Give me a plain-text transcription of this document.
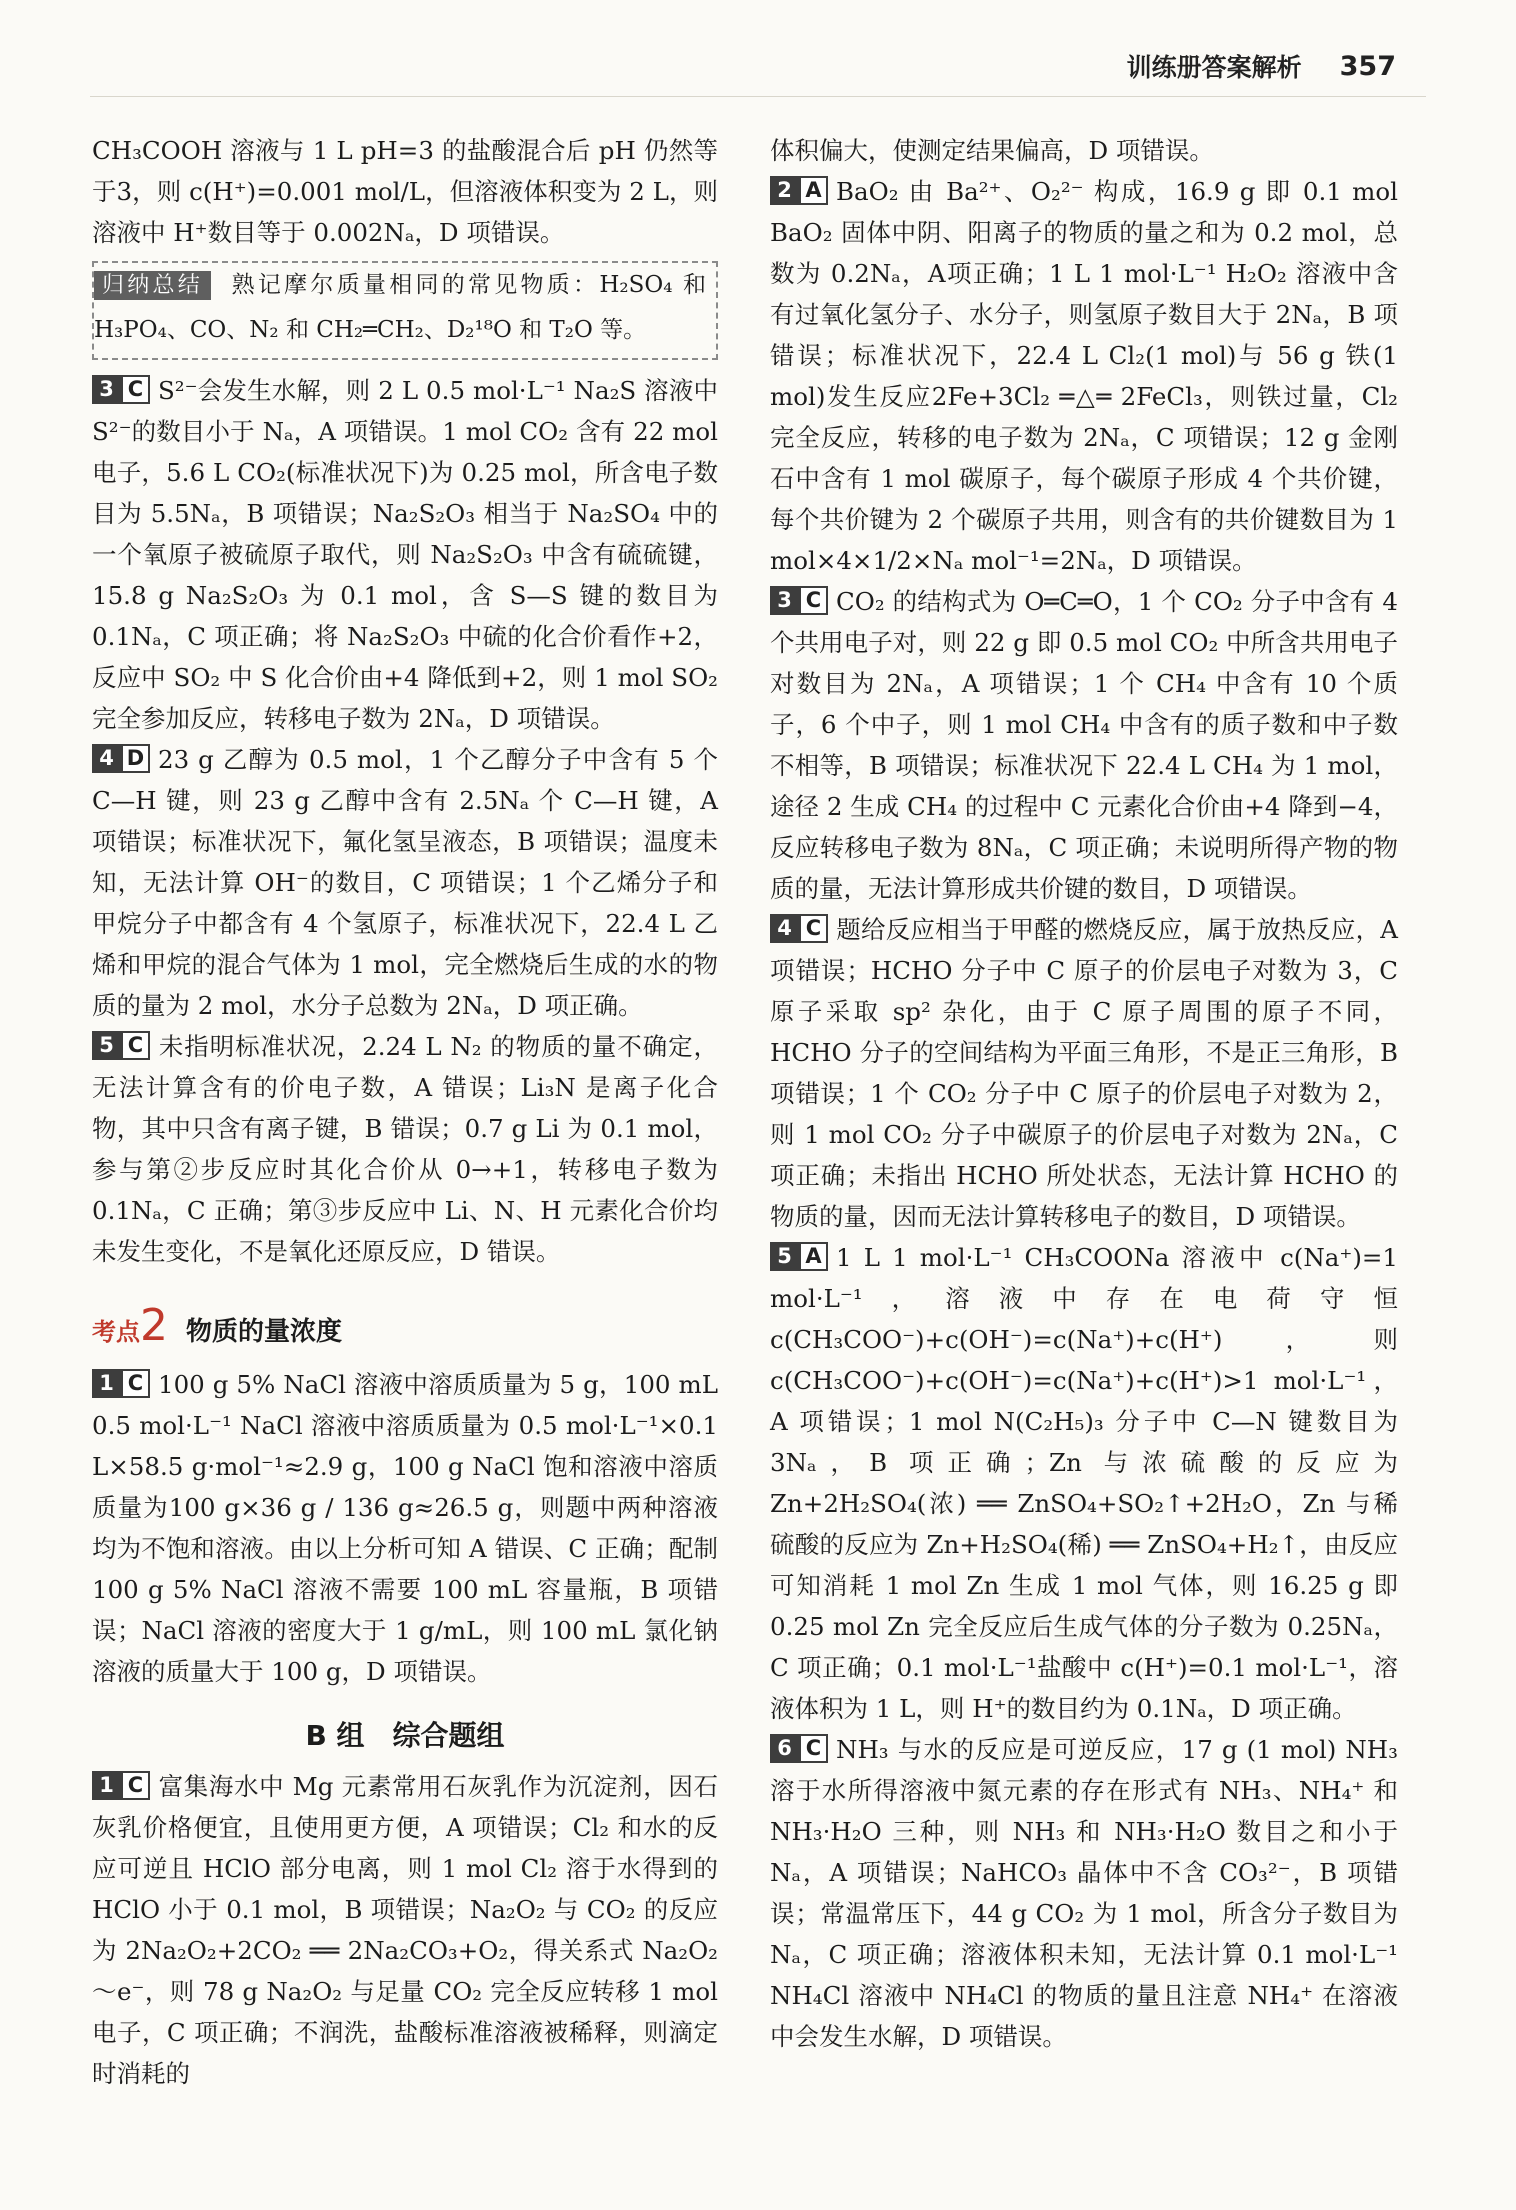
训练册答案解析 357

CH₃COOH 溶液与 1 L pH=3 的盐酸混合后 pH 仍然等于3，则 c(H⁺)=0.001 mol/L，但溶液体积变为 2 L，则溶液中 H⁺数目等于 0.002Nₐ，D 项错误。

归纳总结 熟记摩尔质量相同的常见物质：H₂SO₄ 和 H₃PO₄、CO、N₂ 和 CH₂═CH₂、D₂¹⁸O 和 T₂O 等。

3 C S²⁻会发生水解，则 2 L 0.5 mol·L⁻¹ Na₂S 溶液中 S²⁻的数目小于 Nₐ，A 项错误。1 mol CO₂ 含有 22 mol 电子，5.6 L CO₂(标准状况下)为 0.25 mol，所含电子数目为 5.5Nₐ，B 项错误；Na₂S₂O₃ 相当于 Na₂SO₄ 中的一个氧原子被硫原子取代，则 Na₂S₂O₃ 中含有硫硫键，15.8 g Na₂S₂O₃ 为 0.1 mol，含 S—S 键的数目为 0.1Nₐ，C 项正确；将 Na₂S₂O₃ 中硫的化合价看作+2，反应中 SO₂ 中 S 化合价由+4 降低到+2，则 1 mol SO₂ 完全参加反应，转移电子数为 2Nₐ，D 项错误。

4 D 23 g 乙醇为 0.5 mol，1 个乙醇分子中含有 5 个 C—H 键，则 23 g 乙醇中含有 2.5Nₐ 个 C—H 键，A 项错误；标准状况下，氟化氢呈液态，B 项错误；温度未知，无法计算 OH⁻的数目，C 项错误；1 个乙烯分子和甲烷分子中都含有 4 个氢原子，标准状况下，22.4 L 乙烯和甲烷的混合气体为 1 mol，完全燃烧后生成的水的物质的量为 2 mol，水分子总数为 2Nₐ，D 项正确。

5 C 未指明标准状况，2.24 L N₂ 的物质的量不确定，无法计算含有的价电子数，A 错误；Li₃N 是离子化合物，其中只含有离子键，B 错误；0.7 g Li 为 0.1 mol，参与第②步反应时其化合价从 0→+1，转移电子数为 0.1Nₐ，C 正确；第③步反应中 Li、N、H 元素化合价均未发生变化，不是氧化还原反应，D 错误。

考点2 物质的量浓度

1 C 100 g 5% NaCl 溶液中溶质质量为 5 g，100 mL 0.5 mol·L⁻¹ NaCl 溶液中溶质质量为 0.5 mol·L⁻¹×0.1 L×58.5 g·mol⁻¹≈2.9 g，100 g NaCl 饱和溶液中溶质质量为100 g×36 g / 136 g≈26.5 g，则题中两种溶液均为不饱和溶液。由以上分析可知 A 错误、C 正确；配制 100 g 5% NaCl 溶液不需要 100 mL 容量瓶，B 项错误；NaCl 溶液的密度大于 1 g/mL，则 100 mL 氯化钠溶液的质量大于 100 g，D 项错误。

B 组　综合题组

1 C 富集海水中 Mg 元素常用石灰乳作为沉淀剂，因石灰乳价格便宜，且使用更方便，A 项错误；Cl₂ 和水的反应可逆且 HClO 部分电离，则 1 mol Cl₂ 溶于水得到的 HClO 小于 0.1 mol，B 项错误；Na₂O₂ 与 CO₂ 的反应为 2Na₂O₂+2CO₂ ══ 2Na₂CO₃+O₂，得关系式 Na₂O₂～e⁻，则 78 g Na₂O₂ 与足量 CO₂ 完全反应转移 1 mol 电子，C 项正确；不润洗，盐酸标准溶液被稀释，则滴定时消耗的

体积偏大，使测定结果偏高，D 项错误。

2 A BaO₂ 由 Ba²⁺、O₂²⁻ 构成，16.9 g 即 0.1 mol BaO₂ 固体中阴、阳离子的物质的量之和为 0.2 mol，总数为 0.2Nₐ，A项正确；1 L 1 mol·L⁻¹ H₂O₂ 溶液中含有过氧化氢分子、水分子，则氢原子数目大于 2Nₐ，B 项错误；标准状况下，22.4 L Cl₂(1 mol)与 56 g 铁(1 mol)发生反应2Fe+3Cl₂ ═△═ 2FeCl₃，则铁过量，Cl₂ 完全反应，转移的电子数为 2Nₐ，C 项错误；12 g 金刚石中含有 1 mol 碳原子，每个碳原子形成 4 个共价键，每个共价键为 2 个碳原子共用，则含有的共价键数目为 1 mol×4×1/2×Nₐ mol⁻¹=2Nₐ，D 项错误。

3 C CO₂ 的结构式为 O═C═O，1 个 CO₂ 分子中含有 4 个共用电子对，则 22 g 即 0.5 mol CO₂ 中所含共用电子对数目为 2Nₐ，A 项错误；1 个 CH₄ 中含有 10 个质子，6 个中子，则 1 mol CH₄ 中含有的质子数和中子数不相等，B 项错误；标准状况下 22.4 L CH₄ 为 1 mol，途径 2 生成 CH₄ 的过程中 C 元素化合价由+4 降到−4，反应转移电子数为 8Nₐ，C 项正确；未说明所得产物的物质的量，无法计算形成共价键的数目，D 项错误。

4 C 题给反应相当于甲醛的燃烧反应，属于放热反应，A 项错误；HCHO 分子中 C 原子的价层电子对数为 3，C 原子采取 sp² 杂化，由于 C 原子周围的原子不同，HCHO 分子的空间结构为平面三角形，不是正三角形，B 项错误；1 个 CO₂ 分子中 C 原子的价层电子对数为 2，则 1 mol CO₂ 分子中碳原子的价层电子对数为 2Nₐ，C 项正确；未指出 HCHO 所处状态，无法计算 HCHO 的物质的量，因而无法计算转移电子的数目，D 项错误。

5 A 1 L 1 mol·L⁻¹ CH₃COONa 溶液中 c(Na⁺)=1 mol·L⁻¹，溶液中存在电荷守恒 c(CH₃COO⁻)+c(OH⁻)=c(Na⁺)+c(H⁺)，则 c(CH₃COO⁻)+c(OH⁻)=c(Na⁺)+c(H⁺)>1 mol·L⁻¹，A 项错误；1 mol N(C₂H₅)₃ 分子中 C—N 键数目为 3Nₐ，B 项正确；Zn 与浓硫酸的反应为 Zn+2H₂SO₄(浓) ══ ZnSO₄+SO₂↑+2H₂O，Zn 与稀硫酸的反应为 Zn+H₂SO₄(稀) ══ ZnSO₄+H₂↑，由反应可知消耗 1 mol Zn 生成 1 mol 气体，则 16.25 g 即 0.25 mol Zn 完全反应后生成气体的分子数为 0.25Nₐ，C 项正确；0.1 mol·L⁻¹盐酸中 c(H⁺)=0.1 mol·L⁻¹，溶液体积为 1 L，则 H⁺的数目约为 0.1Nₐ，D 项正确。

6 C NH₃ 与水的反应是可逆反应，17 g (1 mol) NH₃ 溶于水所得溶液中氮元素的存在形式有 NH₃、NH₄⁺ 和 NH₃·H₂O 三种，则 NH₃ 和 NH₃·H₂O 数目之和小于 Nₐ，A 项错误；NaHCO₃ 晶体中不含 CO₃²⁻，B 项错误；常温常压下，44 g CO₂ 为 1 mol，所含分子数目为 Nₐ，C 项正确；溶液体积未知，无法计算 0.1 mol·L⁻¹ NH₄Cl 溶液中 NH₄Cl 的物质的量且注意 NH₄⁺ 在溶液中会发生水解，D 项错误。
